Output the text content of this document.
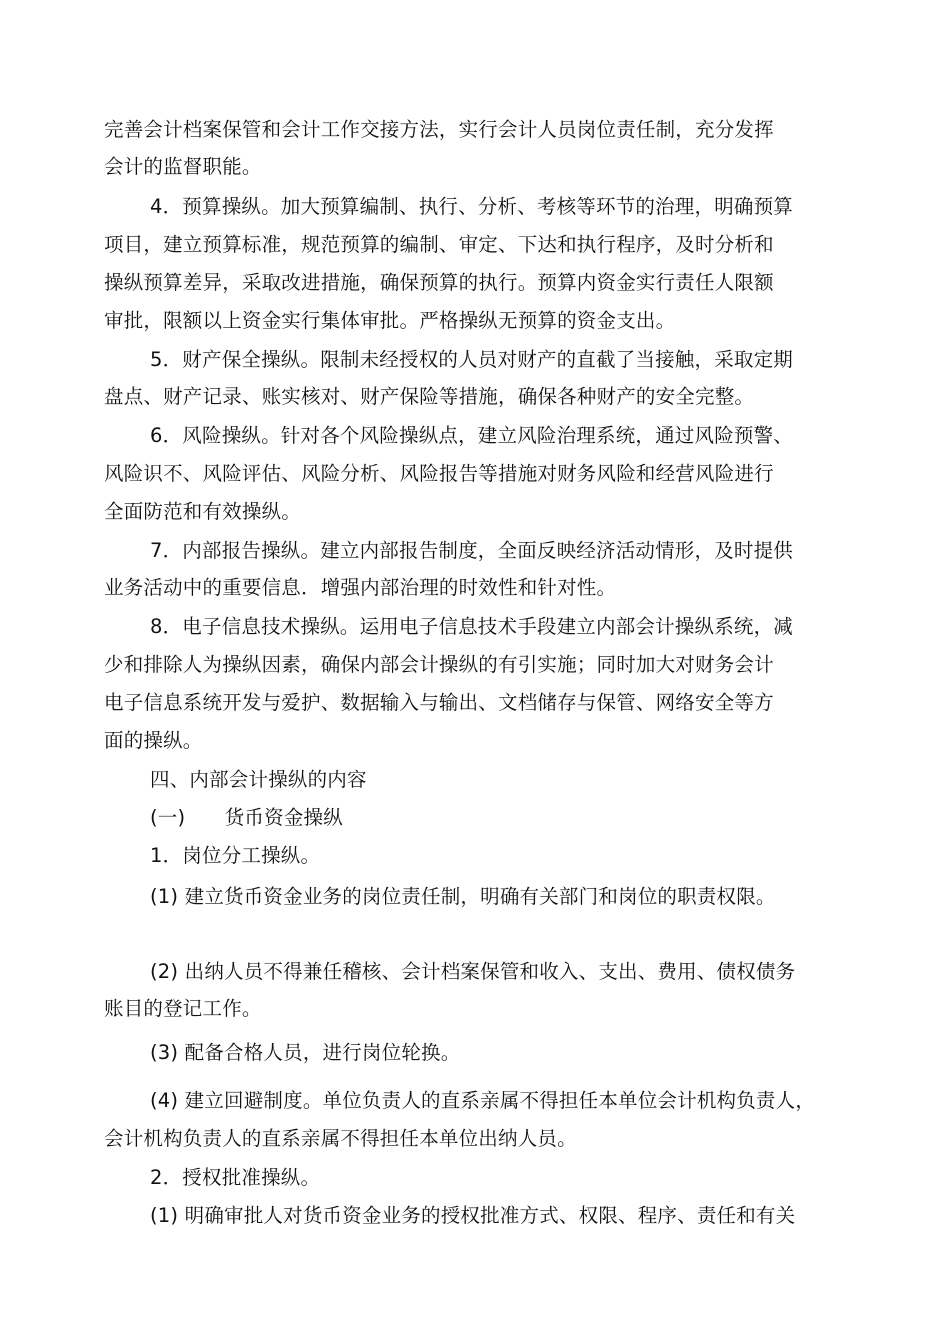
完善会计档案保管和会计工作交接方法，实行会计人员岗位责任制，充分发挥
会计的监督职能。
4．预算操纵。加大预算编制、执行、分析、考核等环节的治理，明确预算
项目，建立预算标准，规范预算的编制、审定、下达和执行程序，及时分析和
操纵预算差异，采取改进措施，确保预算的执行。预算内资金实行责任人限额
审批，限额以上资金实行集体审批。严格操纵无预算的资金支出。
5．财产保全操纵。限制未经授权的人员对财产的直截了当接触，采取定期
盘点、财产记录、账实核对、财产保险等措施，确保各种财产的安全完整。
6．风险操纵。针对各个风险操纵点，建立风险治理系统，通过风险预警、
风险识不、风险评估、风险分析、风险报告等措施对财务风险和经营风险进行
全面防范和有效操纵。
7．内部报告操纵。建立内部报告制度，全面反映经济活动情形，及时提供
业务活动中的重要信息．增强内部治理的时效性和针对性。
8．电子信息技术操纵。运用电子信息技术手段建立内部会计操纵系统，减
少和排除人为操纵因素，确保内部会计操纵的有引实施；同时加大对财务会计
电子信息系统开发与爱护、数据输入与输出、文档储存与保管、网络安全等方
面的操纵。
四、内部会计操纵的内容
(一)　　货币资金操纵
1．岗位分工操纵。
(1) 建立货币资金业务的岗位责任制，明确有关部门和岗位的职责权限。
(2) 出纳人员不得兼任稽核、会计档案保管和收入、支出、费用、债权债务
账目的登记工作。
(3) 配备合格人员，进行岗位轮换。
(4) 建立回避制度。单位负责人的直系亲属不得担任本单位会计机构负责人，
会计机构负责人的直系亲属不得担任本单位出纳人员。
2．授权批准操纵。
(1) 明确审批人对货币资金业务的授权批准方式、权限、程序、责任和有关
